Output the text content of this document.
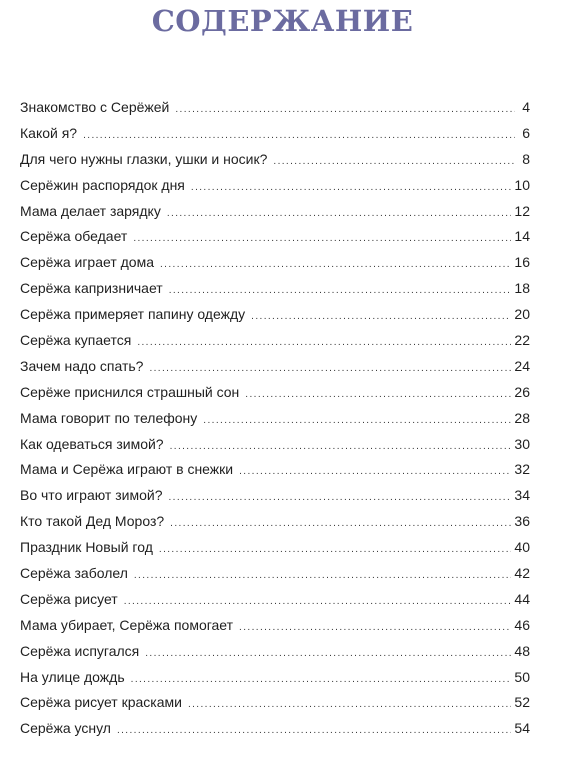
СОДЕРЖАНИЕ
Знакомство с Серёжей .....	4
Какой я? .....	6
Для чего нужны глазки, ушки и носик? .....	8
Серёжин распорядок дня .....	10
Мама делает зарядку .....	12
Серёжа обедает .....	14
Серёжа играет дома .....	16
Серёжа капризничает .....	18
Серёжа примеряет папину одежду .....	20
Серёжа купается .....	22
Зачем надо спать? .....	24
Серёже приснился страшный сон .....	26
Мама говорит по телефону .....	28
Как одеваться зимой? .....	30
Мама и Серёжа играют в снежки .....	32
Во что играют зимой? .....	34
Кто такой Дед Мороз? .....	36
Праздник Новый год .....	40
Серёжа заболел .....	42
Серёжа рисует .....	44
Мама убирает, Серёжа помогает .....	46
Серёжа испугался .....	48
На улице дождь .....	50
Серёжа рисует красками .....	52
Серёжа уснул .....	54
